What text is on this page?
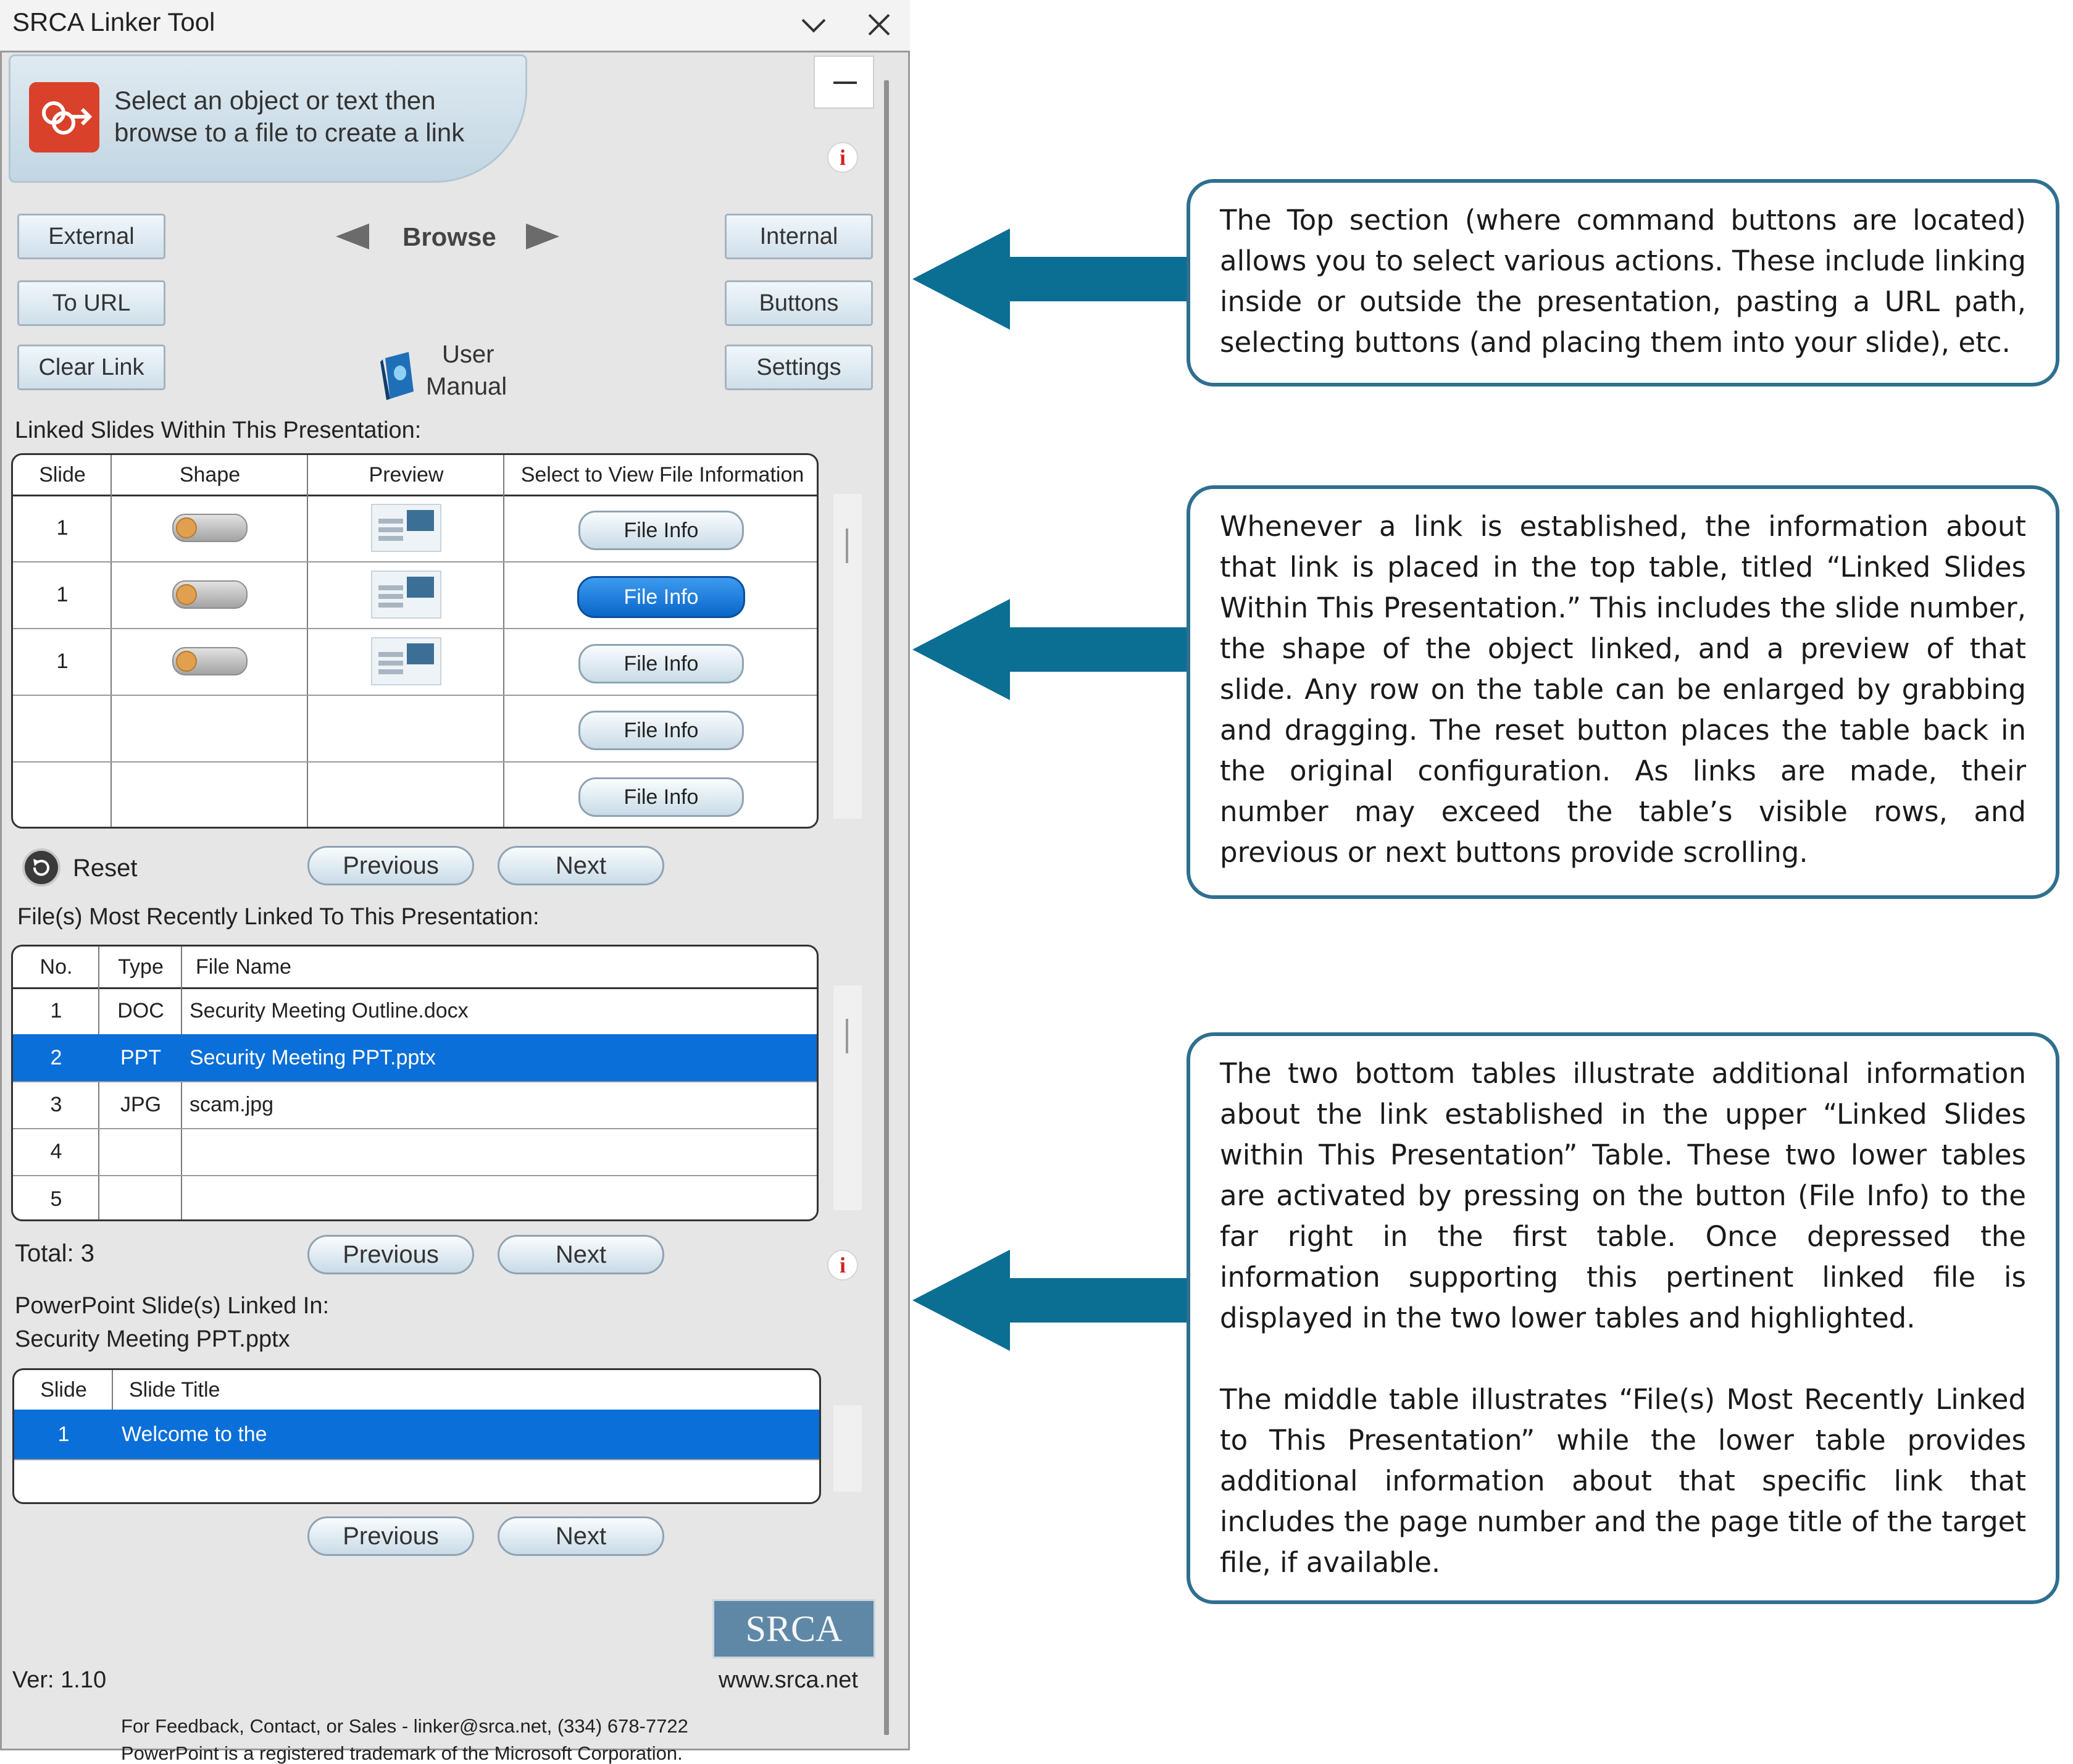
SRCA Linker Tool
Select an object or text then
browse to a file to create a link
i
External
To URL
Clear Link
Browse
User
Manual
Internal
Buttons
Settings
Linked Slides Within This Presentation:
Slide	Shape	Preview	Select to View File Information
1	File Info
1	File Info
1	File Info
File Info
File Info
Reset	Previous	Next
File(s) Most Recently Linked To This Presentation:
No.	Type	File Name
1	DOC	Security Meeting Outline.docx
2	PPT	Security Meeting PPT.pptx
3	JPG	scam.jpg
4
5
Total: 3	Previous	Next	i
PowerPoint Slide(s) Linked In:
Security Meeting PPT.pptx
Slide	Slide Title
1	Welcome to the
Previous	Next
SRCA
www.srca.net
Ver: 1.10
For Feedback, Contact, or Sales - linker@srca.net, (334) 678-7722
PowerPoint is a registered trademark of the Microsoft Corporation.

The Top section (where command buttons are located) allows you to select various actions. These include linking inside or outside the presentation, pasting a URL path, selecting buttons (and placing them into your slide), etc.

Whenever a link is established, the information about that link is placed in the top table, titled “Linked Slides Within This Presentation.” This includes the slide number, the shape of the object linked, and a preview of that slide. Any row on the table can be enlarged by grabbing and dragging. The reset button places the table back in the original configuration. As links are made, their number may exceed the table’s visible rows, and previous or next buttons provide scrolling.

The two bottom tables illustrate additional information about the link established in the upper “Linked Slides within This Presentation” Table. These two lower tables are activated by pressing on the button (File Info) to the far right in the first table. Once depressed the information supporting this pertinent linked file is displayed in the two lower tables and highlighted.

The middle table illustrates “File(s) Most Recently Linked to This Presentation” while the lower table provides additional information about that specific link that includes the page number and the page title of the target file, if available.
